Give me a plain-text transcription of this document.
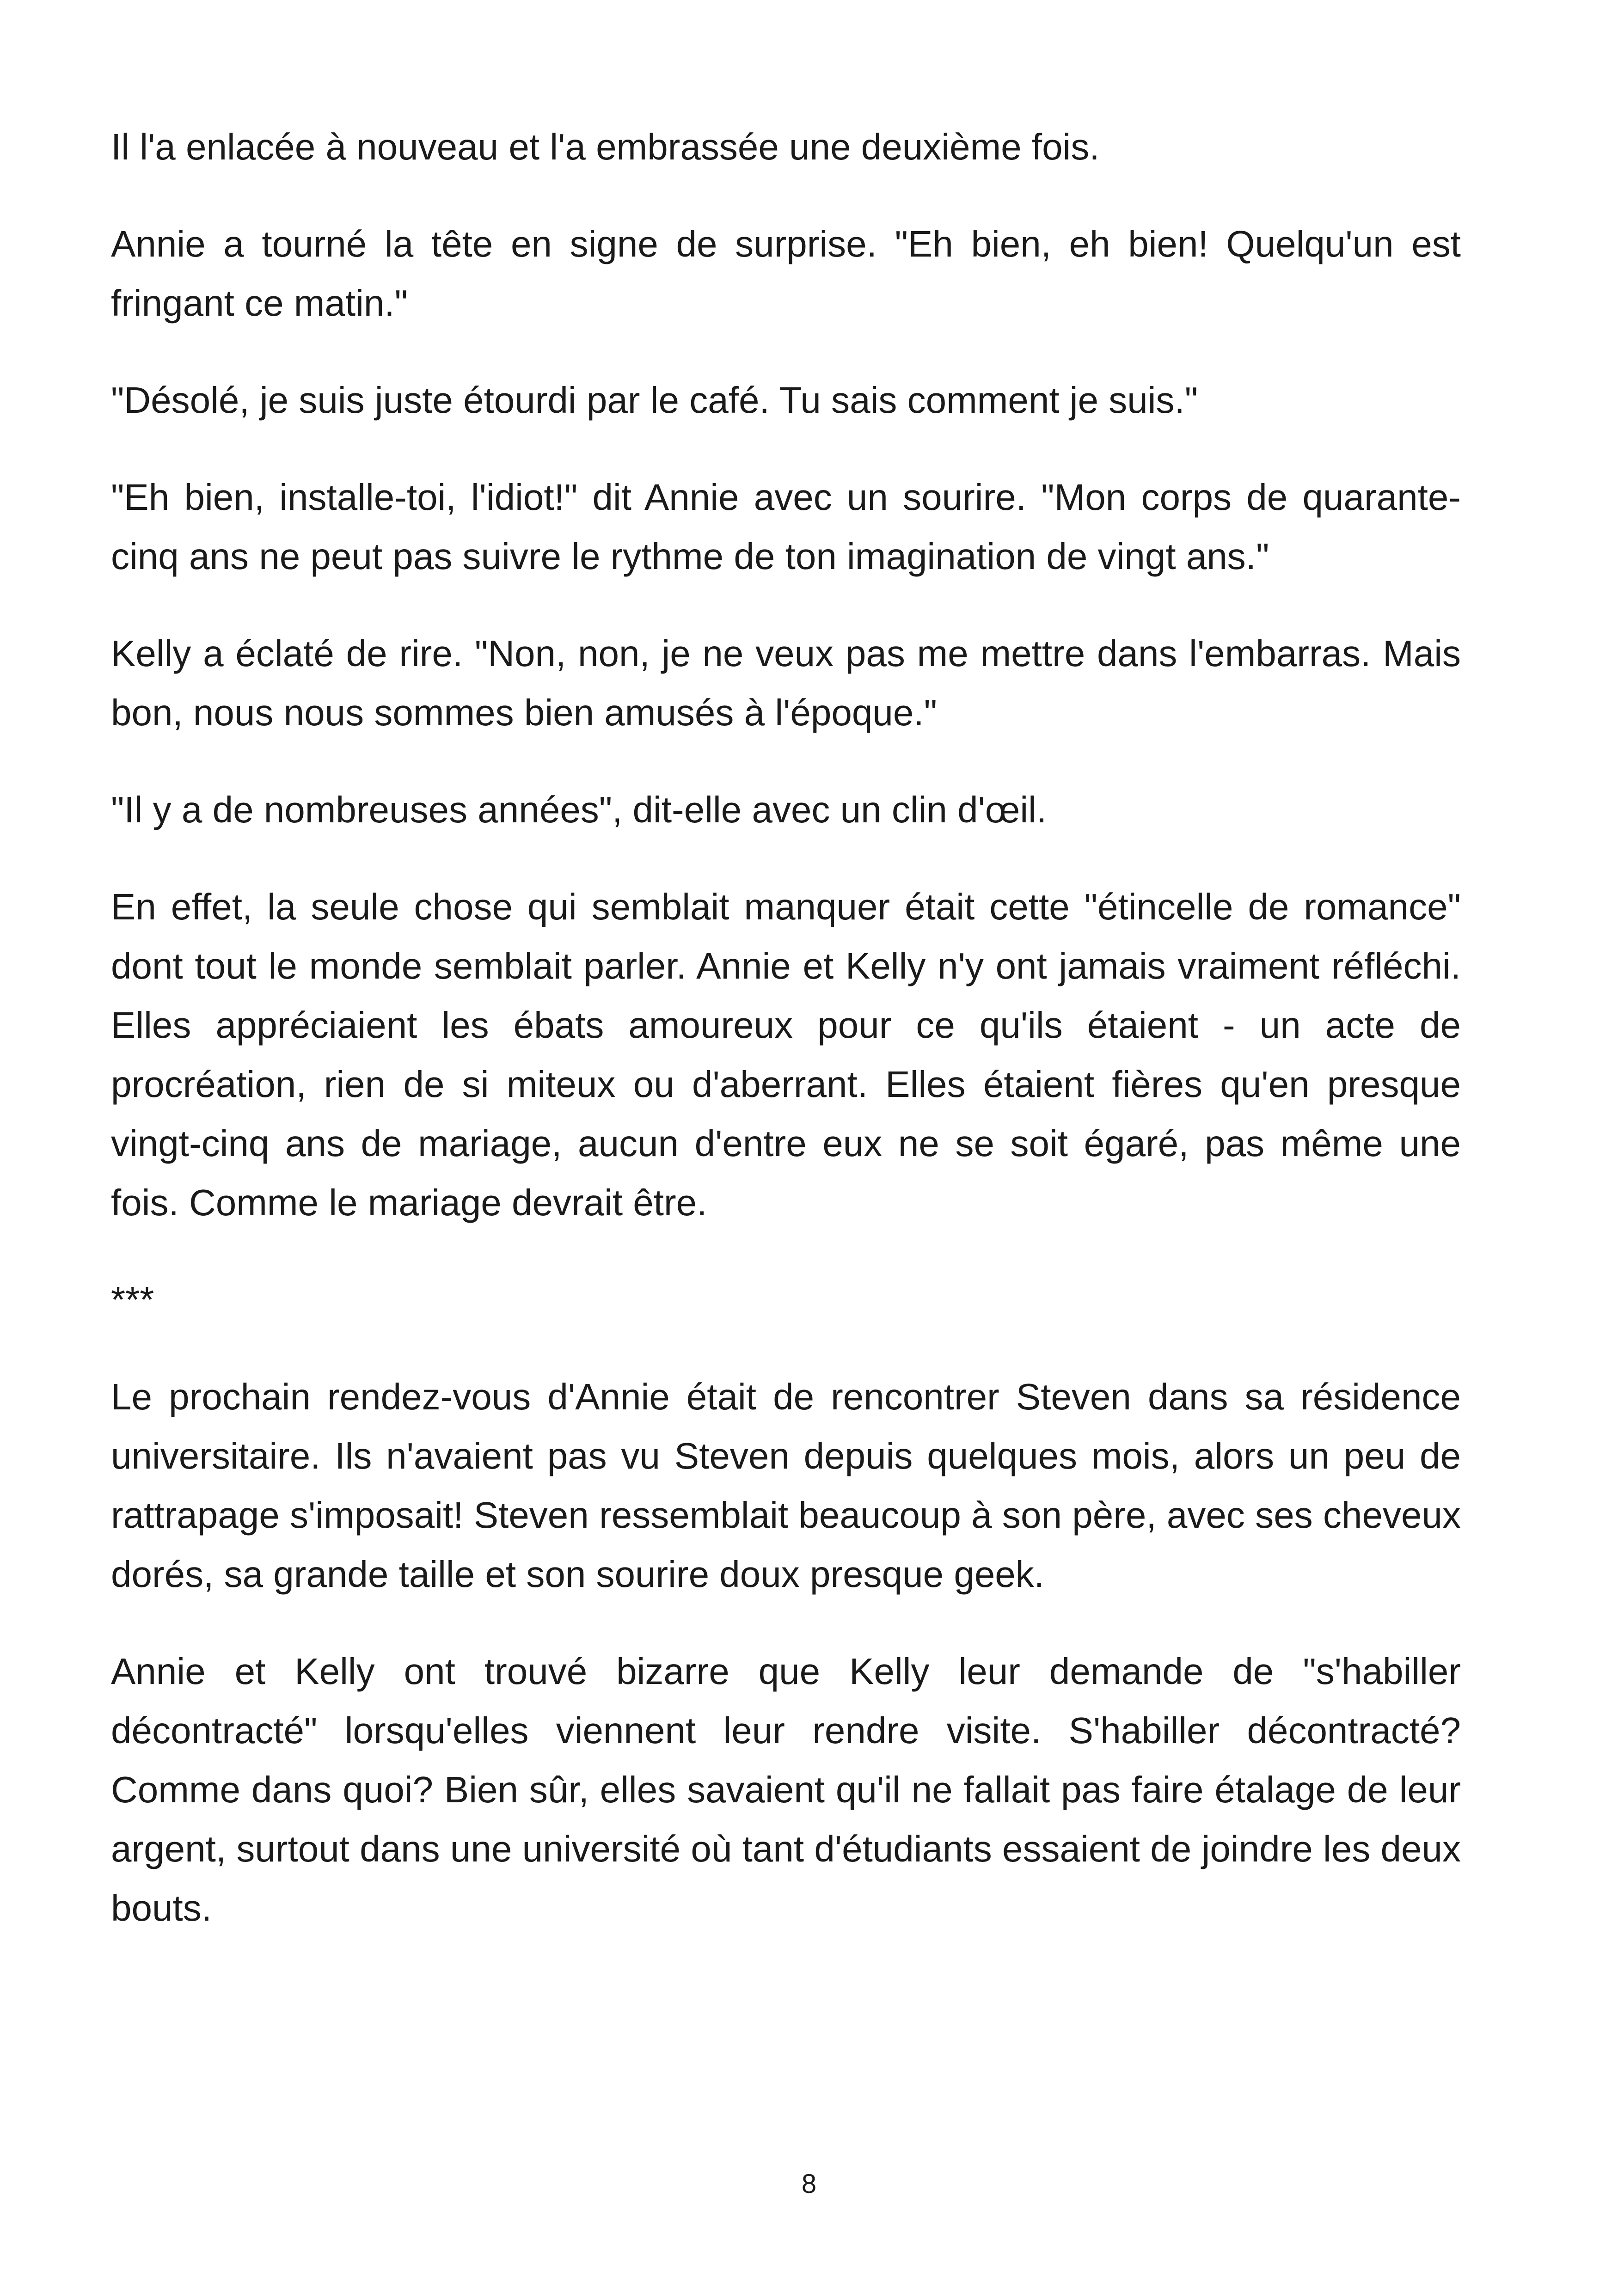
Il l'a enlacée à nouveau et l'a embrassée une deuxième fois.

Annie a tourné la tête en signe de surprise. "Eh bien, eh bien! Quelqu'un est fringant ce matin."

"Désolé, je suis juste étourdi par le café. Tu sais comment je suis."

"Eh bien, installe-toi, l'idiot!" dit Annie avec un sourire. "Mon corps de quarante-cinq ans ne peut pas suivre le rythme de ton imagination de vingt ans."

Kelly a éclaté de rire. "Non, non, je ne veux pas me mettre dans l'embarras. Mais bon, nous nous sommes bien amusés à l'époque."

"Il y a de nombreuses années", dit-elle avec un clin d'œil.

En effet, la seule chose qui semblait manquer était cette "étincelle de romance" dont tout le monde semblait parler. Annie et Kelly n'y ont jamais vraiment réfléchi. Elles appréciaient les ébats amoureux pour ce qu'ils étaient - un acte de procréation, rien de si miteux ou d'aberrant. Elles étaient fières qu'en presque vingt-cinq ans de mariage, aucun d'entre eux ne se soit égaré, pas même une fois. Comme le mariage devrait être.

***

Le prochain rendez-vous d'Annie était de rencontrer Steven dans sa résidence universitaire. Ils n'avaient pas vu Steven depuis quelques mois, alors un peu de rattrapage s'imposait! Steven ressemblait beaucoup à son père, avec ses cheveux dorés, sa grande taille et son sourire doux presque geek.

Annie et Kelly ont trouvé bizarre que Kelly leur demande de "s'habiller décontracté" lorsqu'elles viennent leur rendre visite. S'habiller décontracté? Comme dans quoi? Bien sûr, elles savaient qu'il ne fallait pas faire étalage de leur argent, surtout dans une université où tant d'étudiants essaient de joindre les deux bouts.

8
